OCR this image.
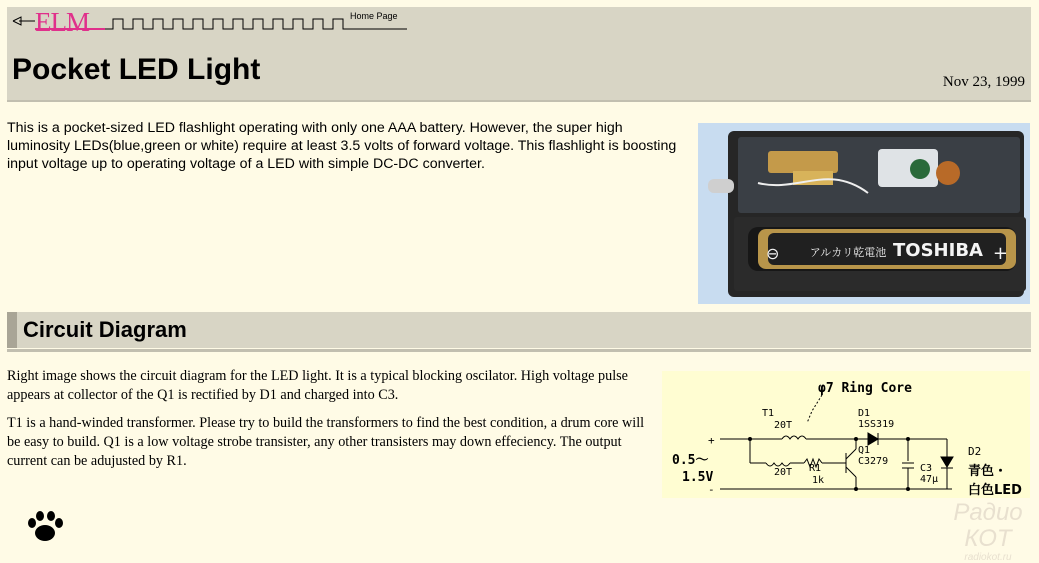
ELM	Home Page
Pocket LED Light	Nov 23, 1999

This is a pocket-sized LED flashlight operating with only one AAA battery. However, the super high luminosity LEDs(blue,green or white) require at least 3.5 volts of forward voltage. This flashlight is boosting input voltage up to operating voltage of a LED with simple DC-DC converter.

TOSHIBA
アルカリ乾電池
⊖	+
Circuit Diagram

Right image shows the circuit diagram for the LED light. It is a typical blocking oscilator. High voltage pulse appears at collector of the Q1 is rectified by D1 and charged into C3.

T1 is a hand-winded transformer. Please try to build the transformers to find the best condition, a drum core will be easy to build. Q1 is a low voltage strobe transister, any other transisters may down effeciency. The output current can be adujusted by R1.

φ7 Ring Core
T1
20T
20T
D1
1SS319
Q1
C3279
R1
1k
C3
47μ
D2
青色・
白色LED
0.5～
1.5V
+
-
Радио КОТ
radiokot.ru
